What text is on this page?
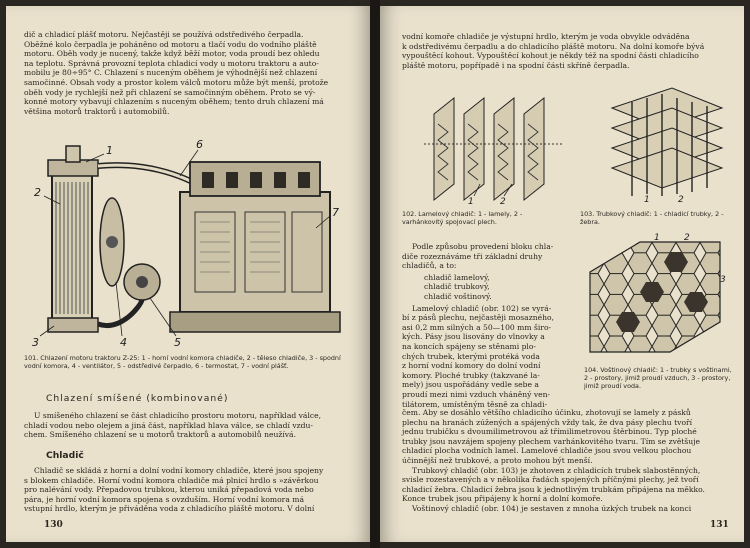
dič a chladicí plášť motoru. Nejčastěji se používá odstředivého čerpadla.

Oběžné kolo čerpadla je poháněno od motoru a tlačí vodu do vodního pláště

motoru. Oběh vody je nucený, takže když běží motor, voda proudí bez ohledu

na teplotu. Správná provozní teplota chladicí vody u motoru traktoru a auto-

mobilu je 80÷95° C. Chlazení s nuceným oběhem je výhodnější než chlazení

samočinné. Obsah vody a prostor kolem válců motoru může být menší, protože

oběh vody je rychlejší než při chlazení se samočinným oběhem. Proto se vý-

konné motory vybavují chlazením s nuceným oběhem; tento druh chlazení má

většina motorů traktorů i automobilů.

1
2
3	4	5
6
7
101. Chlazení motoru traktoru Z-25: 1 - horní vodní komora chladiče, 2 - těleso chladiče, 3 - spodní vodní komora, 4 - ventilátor, 5 - odstředivé čerpadlo, 6 - termostat, 7 - vodní plášť.
Chlazení smíšené (kombinované)

U smíšeného chlazení se část chladicího prostoru motoru, například válce,

chladí vodou nebo olejem a jiná část, například hlava válce, se chladí vzdu-

chem. Smíšeného chlazení se u motorů traktorů a automobilů neužívá.

Chladič

Chladič se skládá z horní a dolní vodní komory chladiče, které jsou spojeny

s blokem chladiče. Horní vodní komora chladiče má plnicí hrdlo s »závěrkou

pro nalévání vody. Přepadovou trubkou, kterou uniká přepadová voda nebo

pára, je horní vodní komora spojena s ovzduším. Horní vodní komora má

vstupní hrdlo, kterým je přiváděna voda z chladicího pláště motoru. V dolní

130

vodní komoře chladiče je výstupní hrdlo, kterým je voda obvykle odváděna

k odstředivému čerpadlu a do chladicího pláště motoru. Na dolní komoře bývá

vypouštěcí kohout. Vypouštěcí kohout je někdy též na spodní části chladicího

pláště motoru, popřípadě i na spodní části skříně čerpadla.

1	2	1	2
102. Lamelový chladič: 1 - lamely, 2 - varhánkovitý spojovací plech.
103. Trubkový chladič: 1 - chladicí trubky, 2 - žebra.

Podle způsobu provedení bloku chla-

diče rozeznáváme tři základní druhy

chladičů, a to:

chladič lamelový,

chladič trubkový,

chladič voštinový.

Lamelový chladič (obr. 102) se vyrá-

bí z pásů plechu, nejčastěji mosazného,

asi 0,2 mm silných a 50—100 mm širo-

kých. Pásy jsou lisovány do vlnovky a

na koncích spájeny se stěnami plo-

chých trubek, kterými protéká voda

z horní vodní komory do dolní vodní

komory. Ploché trubky (takzvané la-

mely) jsou uspořádány vedle sebe a

proudí mezi nimi vzduch vháněný ven-

tilátorem, umístěným těsně za chladi-

1	2
3
104. Voštinový chladič: 1 - trubky s voštinami, 2 - prostory, jimiž proudí vzduch, 3 - prostory, jimiž proudí voda.

čem. Aby se dosáhlo většího chladicího účinku, zhotovují se lamely z pásků

plechu na hranách zúžených a spájených vždy tak, že dva pásy plechu tvoří

jednu trubičku s dvoumilimetrovou až třímilimetrovou štěrbinou. Typ ploché

trubky jsou navzájem spojeny plechem varhánkovitého tvaru. Tím se zvětšuje

chladicí plocha vodních lamel. Lamelové chladiče jsou svou velkou plochou

účinnější než trubkové, a proto mohou být menší.

Trubkový chladič (obr. 103) je zhotoven z chladicích trubek slabostěnných,

svisle rozestavených a v několika řadách spojených příčnými plechy, jež tvoří

chladicí žebra. Chladicí žebra jsou k jednotlivým trubkám připájena na měkko.

Konce trubek jsou připájeny k horní a dolní komoře.

Voštinový chladič (obr. 104) je sestaven z mnoha úzkých trubek na konci

131
